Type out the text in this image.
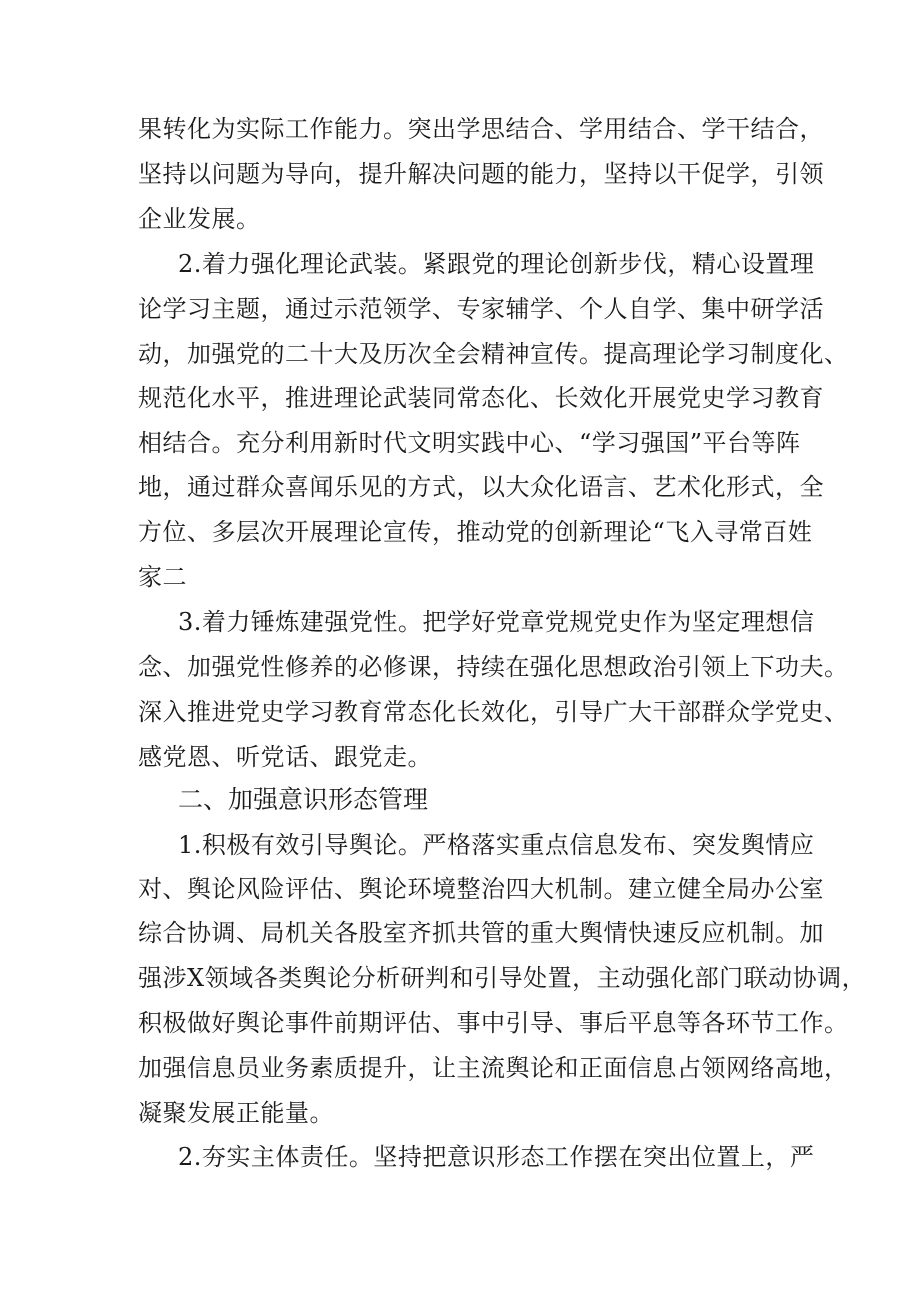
果转化为实际工作能力。突出学思结合、学用结合、学干结合，
坚持以问题为导向，提升解决问题的能力，坚持以干促学，引领
企业发展。
2.着力强化理论武装。紧跟党的理论创新步伐，精心设置理
论学习主题，通过示范领学、专家辅学、个人自学、集中研学活
动，加强党的二十大及历次全会精神宣传。提高理论学习制度化、
规范化水平，推进理论武装同常态化、长效化开展党史学习教育
相结合。充分利用新时代文明实践中心、“学习强国”平台等阵
地，通过群众喜闻乐见的方式，以大众化语言、艺术化形式，全
方位、多层次开展理论宣传，推动党的创新理论“飞入寻常百姓
家二
3.着力锤炼建强党性。把学好党章党规党史作为坚定理想信
念、加强党性修养的必修课，持续在强化思想政治引领上下功夫。
深入推进党史学习教育常态化长效化，引导广大干部群众学党史、
感党恩、听党话、跟党走。
二、加强意识形态管理
1.积极有效引导舆论。严格落实重点信息发布、突发舆情应
对、舆论风险评估、舆论环境整治四大机制。建立健全局办公室
综合协调、局机关各股室齐抓共管的重大舆情快速反应机制。加
强涉X领域各类舆论分析研判和引导处置，主动强化部门联动协调，
积极做好舆论事件前期评估、事中引导、事后平息等各环节工作。
加强信息员业务素质提升，让主流舆论和正面信息占领网络高地，
凝聚发展正能量。
2.夯实主体责任。坚持把意识形态工作摆在突出位置上，严
